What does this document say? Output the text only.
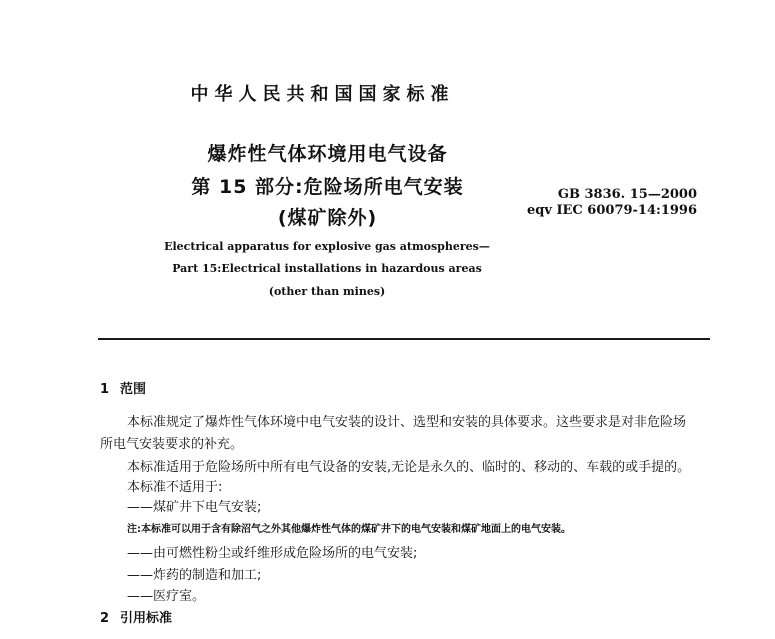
中华人民共和国国家标准
爆炸性气体环境用电气设备
第 15 部分:危险场所电气安装
(煤矿除外)
GB 3836. 15—2000
eqv IEC 60079-14:1996
Electrical apparatus for explosive gas atmospheres—
Part 15:Electrical installations in hazardous areas
(other than mines)
1 范围
本标准规定了爆炸性气体环境中电气安装的设计、选型和安装的具体要求。这些要求是对非危险场
所电气安装要求的补充。
本标准适用于危险场所中所有电气设备的安装,无论是永久的、临时的、移动的、车载的或手提的。
本标准不适用于:
——煤矿井下电气安装;
注:本标准可以用于含有除沼气之外其他爆炸性气体的煤矿井下的电气安装和煤矿地面上的电气安装。
——由可燃性粉尘或纤维形成危险场所的电气安装;
——炸药的制造和加工;
——医疗室。
2 引用标准
